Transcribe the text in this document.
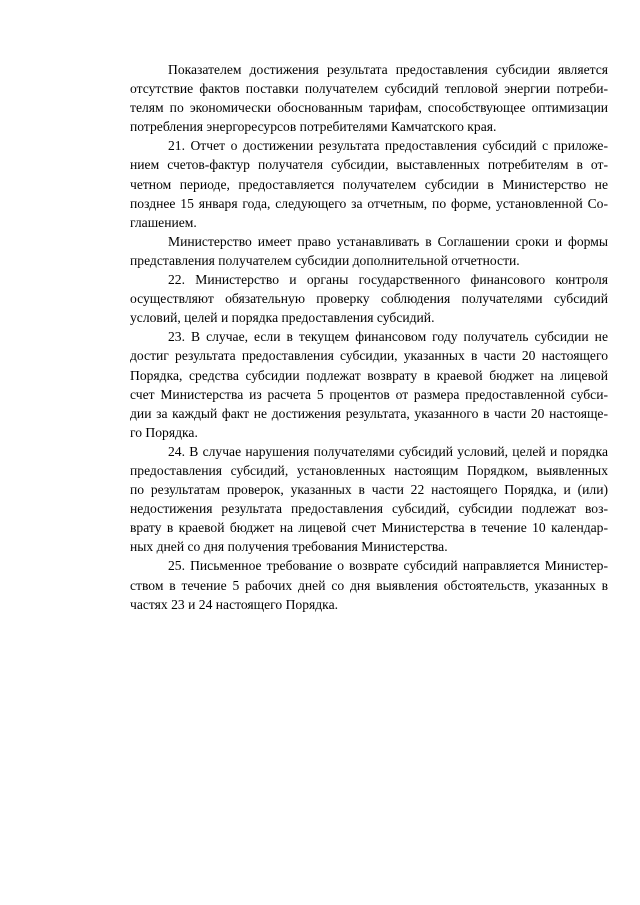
Показателем достижения результата предоставления субсидии является
отсутствие фактов поставки получателем субсидий тепловой энергии потреби-
телям по экономически обоснованным тарифам, способствующее оптимизации
потребления энергоресурсов потребителями Камчатского края.
21. Отчет о достижении результата предоставления субсидий с приложе-
нием счетов-фактур получателя субсидии, выставленных потребителям в от-
четном периоде, предоставляется получателем субсидии в Министерство не
позднее 15 января года, следующего за отчетным, по форме, установленной Со-
глашением.
Министерство имеет право устанавливать в Соглашении сроки и формы
представления получателем субсидии дополнительной отчетности.
22. Министерство и органы государственного финансового контроля
осуществляют обязательную проверку соблюдения получателями субсидий
условий, целей и порядка предоставления субсидий.
23. В случае, если в текущем финансовом году получатель субсидии не
достиг результата предоставления субсидии, указанных в части 20 настоящего
Порядка, средства субсидии подлежат возврату в краевой бюджет на лицевой
счет Министерства из расчета 5 процентов от размера предоставленной субси-
дии за каждый факт не достижения результата, указанного в части 20 настояще-
го Порядка.
24. В случае нарушения получателями субсидий условий, целей и порядка
предоставления субсидий, установленных настоящим Порядком, выявленных
по результатам проверок, указанных в части 22 настоящего Порядка, и (или)
недостижения результата предоставления субсидий, субсидии подлежат воз-
врату в краевой бюджет на лицевой счет Министерства в течение 10 календар-
ных дней со дня получения требования Министерства.
25. Письменное требование о возврате субсидий направляется Министер-
ством в течение 5 рабочих дней со дня выявления обстоятельств, указанных в
частях 23 и 24 настоящего Порядка.
